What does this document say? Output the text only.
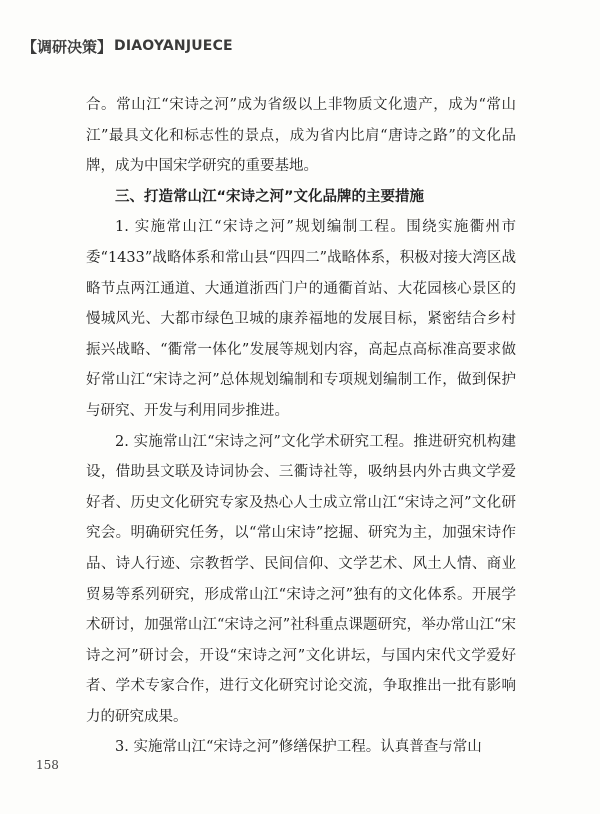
【调研决策】 DIAOYANJUECE

合。常山江“宋诗之河”成为省级以上非物质文化遗产，成为“常山江”最具文化和标志性的景点，成为省内比肩“唐诗之路”的文化品牌，成为中国宋学研究的重要基地。

三、打造常山江“宋诗之河”文化品牌的主要措施

1. 实施常山江“宋诗之河”规划编制工程。围绕实施衢州市委“1433”战略体系和常山县“四四二”战略体系，积极对接大湾区战略节点两江通道、大通道浙西门户的通衢首站、大花园核心景区的慢城风光、大都市绿色卫城的康养福地的发展目标，紧密结合乡村振兴战略、“衢常一体化”发展等规划内容，高起点高标准高要求做好常山江“宋诗之河”总体规划编制和专项规划编制工作，做到保护与研究、开发与利用同步推进。

2. 实施常山江“宋诗之河”文化学术研究工程。推进研究机构建设，借助县文联及诗词协会、三衢诗社等，吸纳县内外古典文学爱好者、历史文化研究专家及热心人士成立常山江“宋诗之河”文化研究会。明确研究任务，以“常山宋诗”挖掘、研究为主，加强宋诗作品、诗人行迹、宗教哲学、民间信仰、文学艺术、风土人情、商业贸易等系列研究，形成常山江“宋诗之河”独有的文化体系。开展学术研讨，加强常山江“宋诗之河”社科重点课题研究，举办常山江“宋诗之河”研讨会，开设“宋诗之河”文化讲坛，与国内宋代文学爱好者、学术专家合作，进行文化研究讨论交流，争取推出一批有影响力的研究成果。

3. 实施常山江“宋诗之河”修缮保护工程。认真普查与常山

158
